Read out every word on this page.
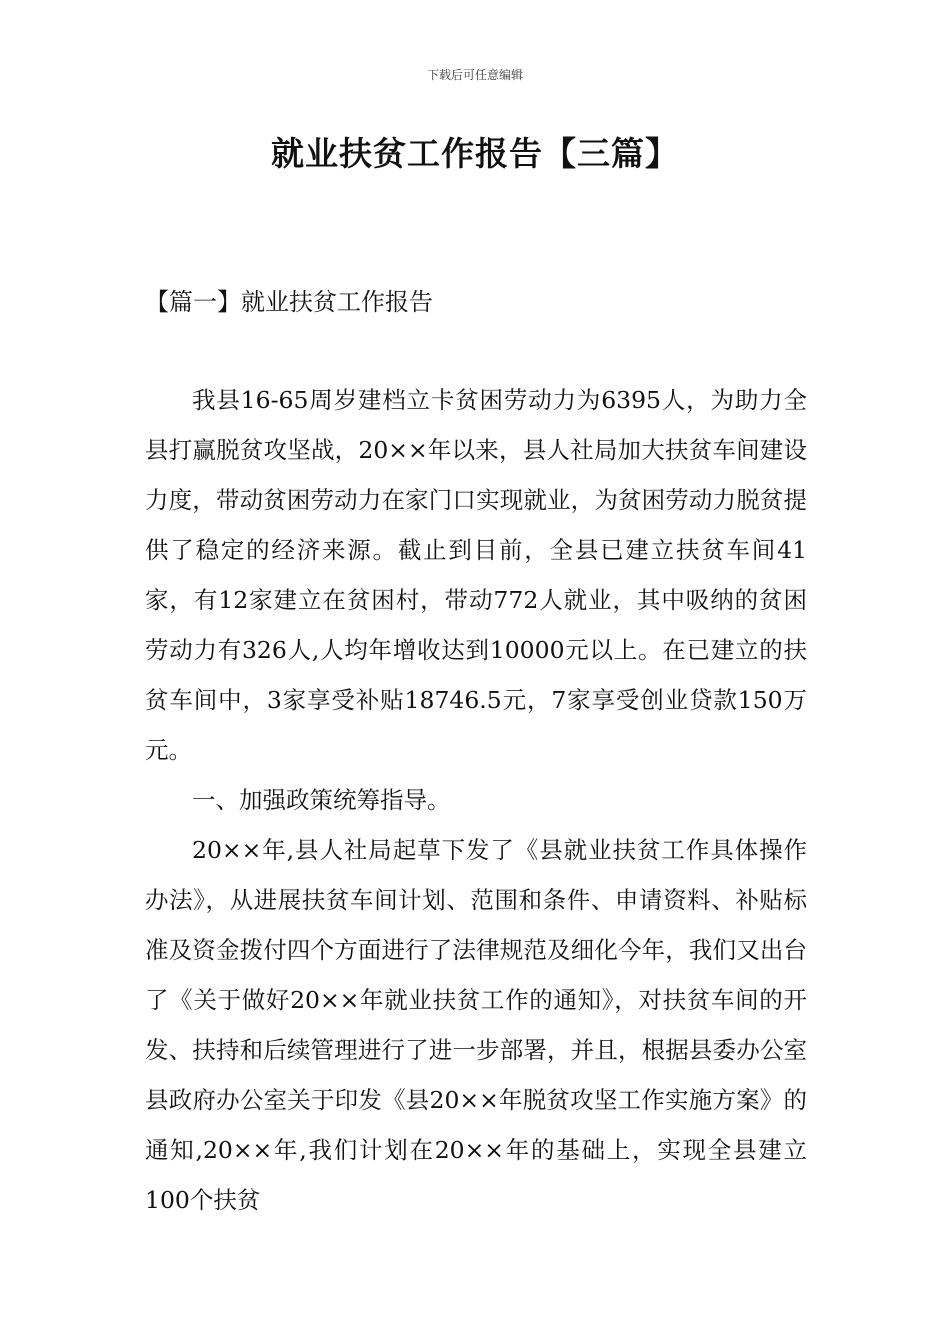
下载后可任意编辑
就业扶贫工作报告【三篇】
【篇一】就业扶贫工作报告

我县16-65周岁建档立卡贫困劳动力为6395人，为助力全县打赢脱贫攻坚战，20××年以来，县人社局加大扶贫车间建设力度，带动贫困劳动力在家门口实现就业，为贫困劳动力脱贫提供了稳定的经济来源。截止到目前，全县已建立扶贫车间41家，有12家建立在贫困村，带动772人就业，其中吸纳的贫困劳动力有326人,人均年增收达到10000元以上。在已建立的扶贫车间中，3家享受补贴18746.5元，7家享受创业贷款150万元。

一、加强政策统筹指导。

20××年,县人社局起草下发了《县就业扶贫工作具体操作办法》，从进展扶贫车间计划、范围和条件、申请资料、补贴标准及资金拨付四个方面进行了法律规范及细化今年，我们又出台了《关于做好20××年就业扶贫工作的通知》，对扶贫车间的开发、扶持和后续管理进行了进一步部署，并且，根据县委办公室县政府办公室关于印发《县20××年脱贫攻坚工作实施方案》的通知,20××年,我们计划在20××年的基础上，实现全县建立100个扶贫
